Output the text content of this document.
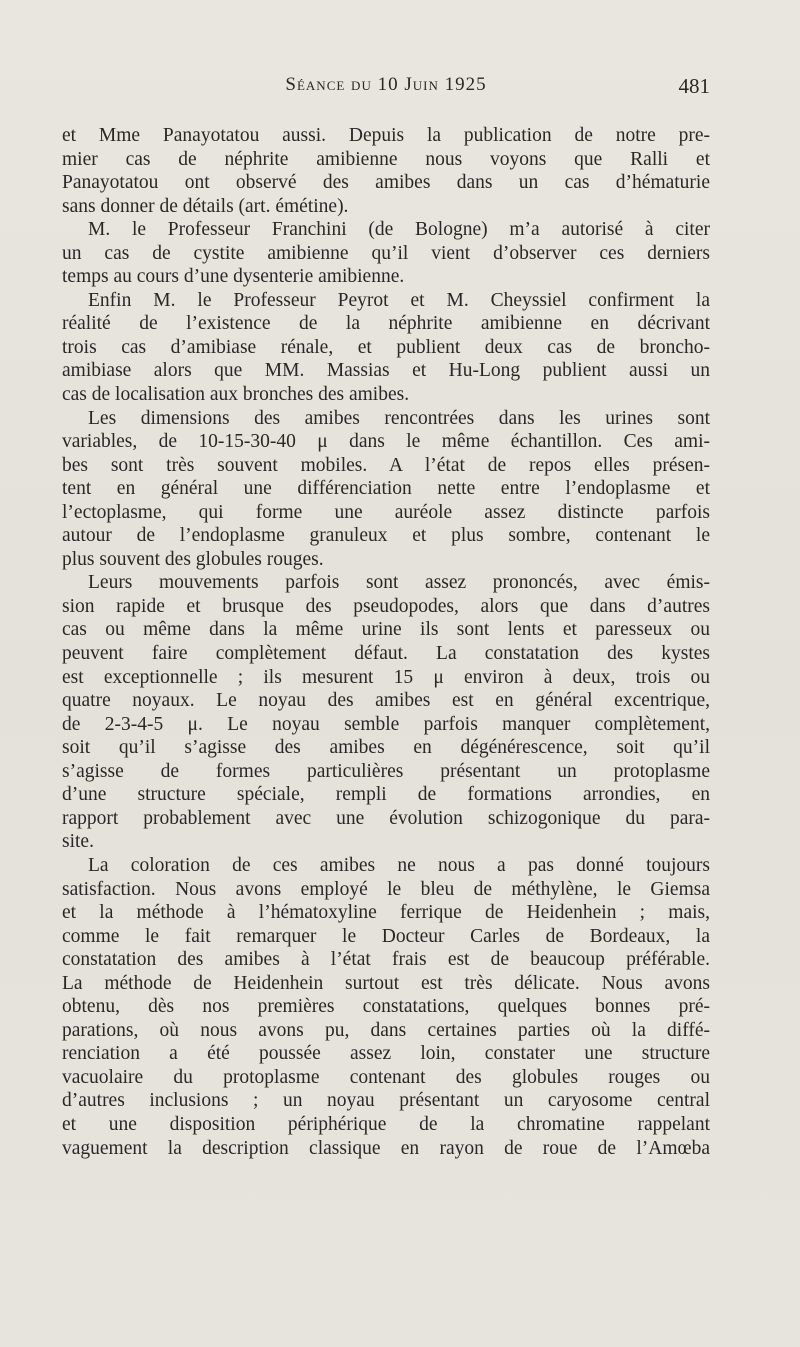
Séance du 10 Juin 1925	481
et Mme Panayotatou aussi. Depuis la publication de notre pre-
mier cas de néphrite amibienne nous voyons que Ralli et
Panayotatou ont observé des amibes dans un cas d’hématurie
sans donner de détails (art. émétine).
M. le Professeur Franchini (de Bologne) m’a autorisé à citer
un cas de cystite amibienne qu’il vient d’observer ces derniers
temps au cours d’une dysenterie amibienne.
Enfin M. le Professeur Peyrot et M. Cheyssiel confirment la
réalité de l’existence de la néphrite amibienne en décrivant
trois cas d’amibiase rénale, et publient deux cas de broncho-
amibiase alors que MM. Massias et Hu-Long publient aussi un
cas de localisation aux bronches des amibes.
Les dimensions des amibes rencontrées dans les urines sont
variables, de 10-15-30-40 μ dans le même échantillon. Ces ami-
bes sont très souvent mobiles. A l’état de repos elles présen-
tent en général une différenciation nette entre l’endoplasme et
l’ectoplasme, qui forme une auréole assez distincte parfois
autour de l’endoplasme granuleux et plus sombre, contenant le
plus souvent des globules rouges.
Leurs mouvements parfois sont assez prononcés, avec émis-
sion rapide et brusque des pseudopodes, alors que dans d’autres
cas ou même dans la même urine ils sont lents et paresseux ou
peuvent faire complètement défaut. La constatation des kystes
est exceptionnelle ; ils mesurent 15 μ environ à deux, trois ou
quatre noyaux. Le noyau des amibes est en général excentrique,
de 2-3-4-5 μ. Le noyau semble parfois manquer complètement,
soit qu’il s’agisse des amibes en dégénérescence, soit qu’il
s’agisse de formes particulières présentant un protoplasme
d’une structure spéciale, rempli de formations arrondies, en
rapport probablement avec une évolution schizogonique du para-
site.
La coloration de ces amibes ne nous a pas donné toujours
satisfaction. Nous avons employé le bleu de méthylène, le Giemsa
et la méthode à l’hématoxyline ferrique de Heidenhein ; mais,
comme le fait remarquer le Docteur Carles de Bordeaux, la
constatation des amibes à l’état frais est de beaucoup préférable.
La méthode de Heidenhein surtout est très délicate. Nous avons
obtenu, dès nos premières constatations, quelques bonnes pré-
parations, où nous avons pu, dans certaines parties où la diffé-
renciation a été poussée assez loin, constater une structure
vacuolaire du protoplasme contenant des globules rouges ou
d’autres inclusions ; un noyau présentant un caryosome central
et une disposition périphérique de la chromatine rappelant
vaguement la description classique en rayon de roue de l’Amœba
